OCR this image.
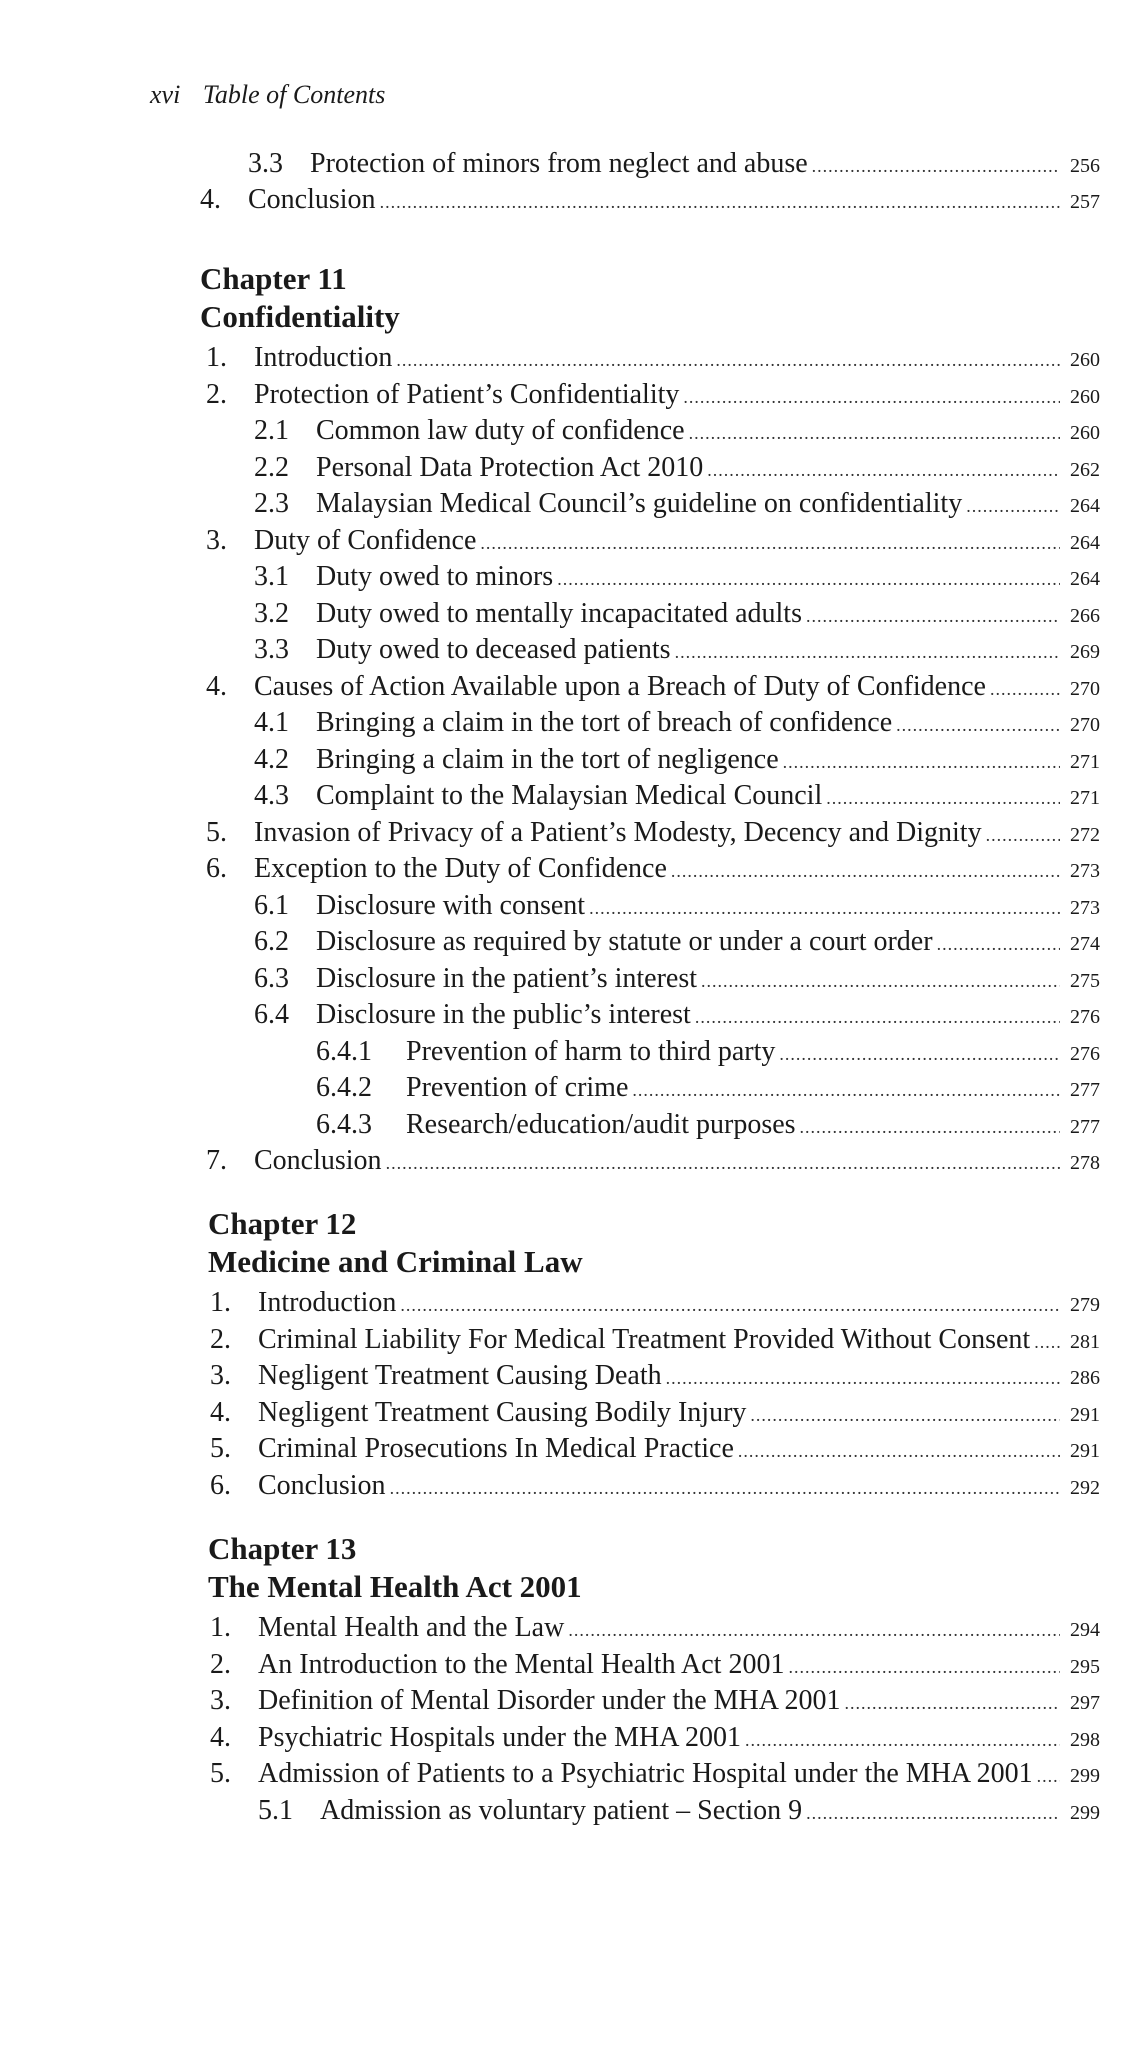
xvi Table of Contents
3.3 Protection of minors from neglect and abuse .....	256
4. Conclusion .....	257
Chapter 11
Confidentiality
1. Introduction .....	260
2. Protection of Patient’s Confidentiality .....	260
2.1 Common law duty of confidence .....	260
2.2 Personal Data Protection Act 2010 .....	262
2.3 Malaysian Medical Council’s guideline on confidentiality .....	264
3. Duty of Confidence .....	264
3.1 Duty owed to minors .....	264
3.2 Duty owed to mentally incapacitated adults .....	266
3.3 Duty owed to deceased patients .....	269
4. Causes of Action Available upon a Breach of Duty of Confidence .....	270
4.1 Bringing a claim in the tort of breach of confidence .....	270
4.2 Bringing a claim in the tort of negligence .....	271
4.3 Complaint to the Malaysian Medical Council .....	271
5. Invasion of Privacy of a Patient’s Modesty, Decency and Dignity .....	272
6. Exception to the Duty of Confidence .....	273
6.1 Disclosure with consent .....	273
6.2 Disclosure as required by statute or under a court order .....	274
6.3 Disclosure in the patient’s interest .....	275
6.4 Disclosure in the public’s interest .....	276
6.4.1	Prevention of harm to third party .....	276
6.4.2	Prevention of crime .....	277
6.4.3	Research/education/audit purposes .....	277
7. Conclusion .....	278
Chapter 12
Medicine and Criminal Law
1. Introduction .....	279
2. Criminal Liability For Medical Treatment Provided Without Consent .....	281
3. Negligent Treatment Causing Death .....	286
4. Negligent Treatment Causing Bodily Injury .....	291
5. Criminal Prosecutions In Medical Practice .....	291
6. Conclusion .....	292
Chapter 13
The Mental Health Act 2001
1. Mental Health and the Law .....	294
2. An Introduction to the Mental Health Act 2001 .....	295
3. Definition of Mental Disorder under the MHA 2001 .....	297
4. Psychiatric Hospitals under the MHA 2001 .....	298
5. Admission of Patients to a Psychiatric Hospital under the MHA 2001 .....	299
5.1 Admission as voluntary patient – Section 9 .....	299
